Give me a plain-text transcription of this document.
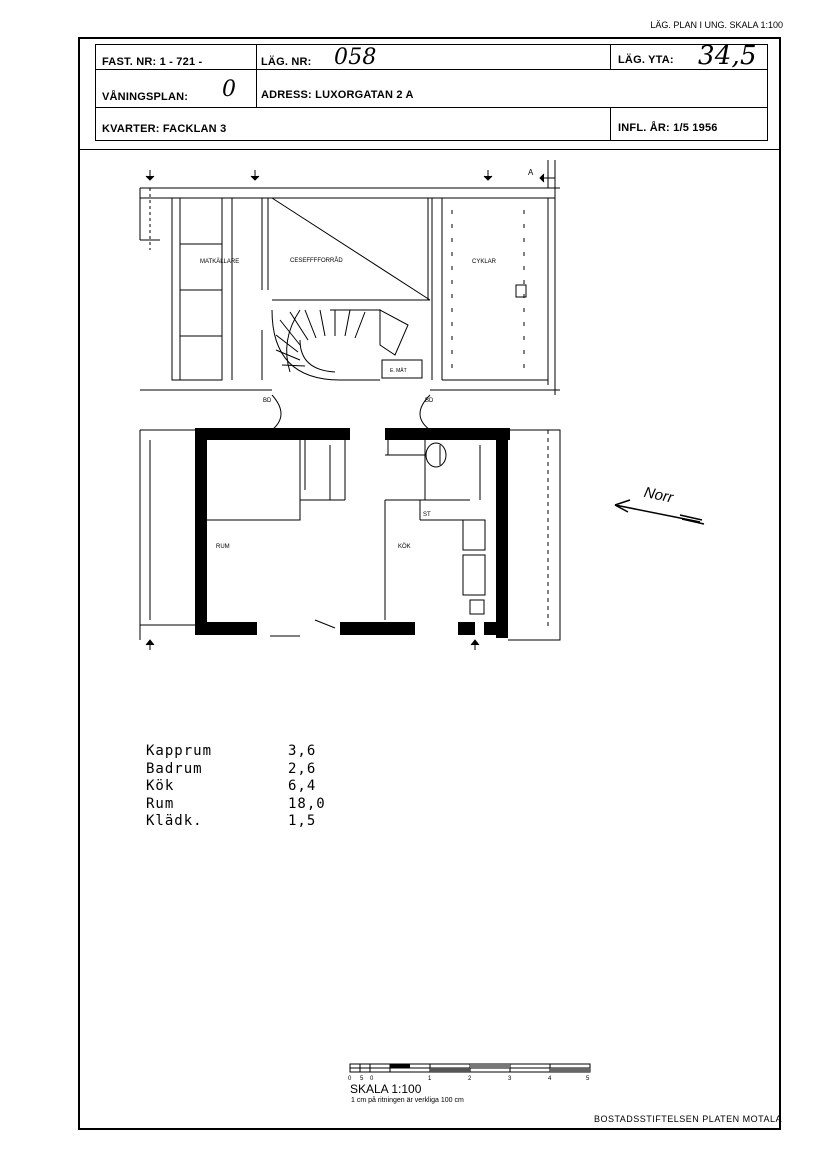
LÄG. PLAN I UNG. SKALA 1:100
FAST. NR: 1 - 721 -	LÄG. NR: 058	LÄG. YTA: 34,5
VÅNINGSPLAN: 0 ADRESS: LUXORGATAN 2 A
KVARTER: FACKLAN 3	INFL. ÅR: 1/5 1956
MATKÄLLARE	CESEFFFFORRÅD	CYKLAR
E. MÄT
BD	BD
A
RUM	KÖK
ST
Norr
Kapprum	3,6
Badrum	2,6
Kök	6,4
Rum	18,0
Klädk.	1,5
0 5 0	1	2	3	4	5
SKALA 1:100
1 cm på ritningen är verkliga 100 cm
BOSTADSSTIFTELSEN PLATEN MOTALA
